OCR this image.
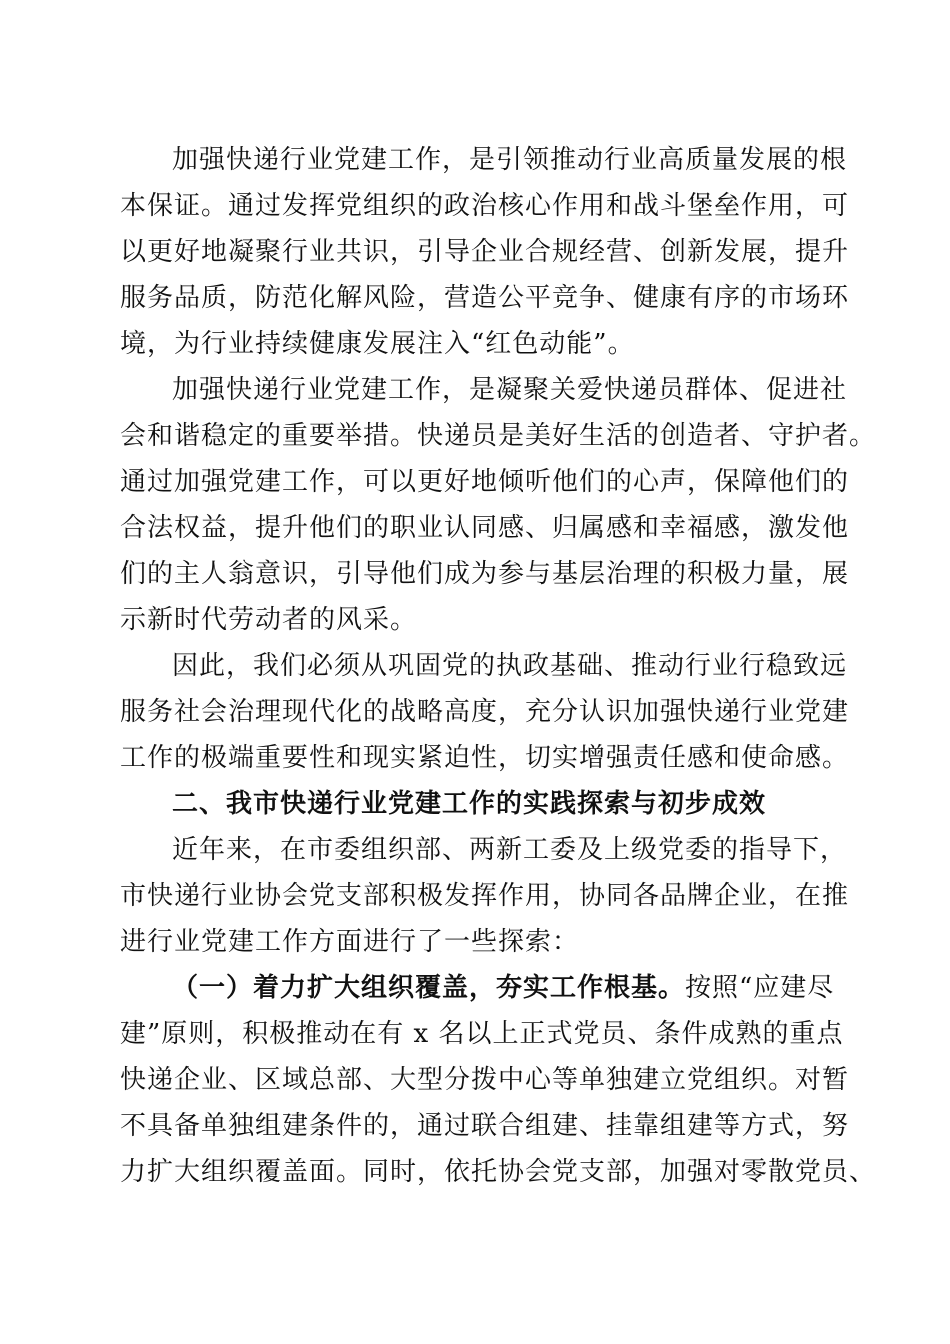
加强快递行业党建工作，是引领推动行业高质量发展的根
本保证。通过发挥党组织的政治核心作用和战斗堡垒作用，可
以更好地凝聚行业共识，引导企业合规经营、创新发展，提升
服务品质，防范化解风险，营造公平竞争、健康有序的市场环
境，为行业持续健康发展注入“红色动能”。
加强快递行业党建工作，是凝聚关爱快递员群体、促进社
会和谐稳定的重要举措。快递员是美好生活的创造者、守护者。
通过加强党建工作，可以更好地倾听他们的心声，保障他们的
合法权益，提升他们的职业认同感、归属感和幸福感，激发他
们的主人翁意识，引导他们成为参与基层治理的积极力量，展
示新时代劳动者的风采。
因此，我们必须从巩固党的执政基础、推动行业行稳致远
服务社会治理现代化的战略高度，充分认识加强快递行业党建
工作的极端重要性和现实紧迫性，切实增强责任感和使命感。
二、我市快递行业党建工作的实践探索与初步成效
近年来，在市委组织部、两新工委及上级党委的指导下，
市快递行业协会党支部积极发挥作用，协同各品牌企业，在推
进行业党建工作方面进行了一些探索：
（一）着力扩大组织覆盖，夯实工作根基。按照“应建尽
建”原则，积极推动在有 x 名以上正式党员、条件成熟的重点
快递企业、区域总部、大型分拨中心等单独建立党组织。对暂
不具备单独组建条件的，通过联合组建、挂靠组建等方式，努
力扩大组织覆盖面。同时，依托协会党支部，加强对零散党员、
